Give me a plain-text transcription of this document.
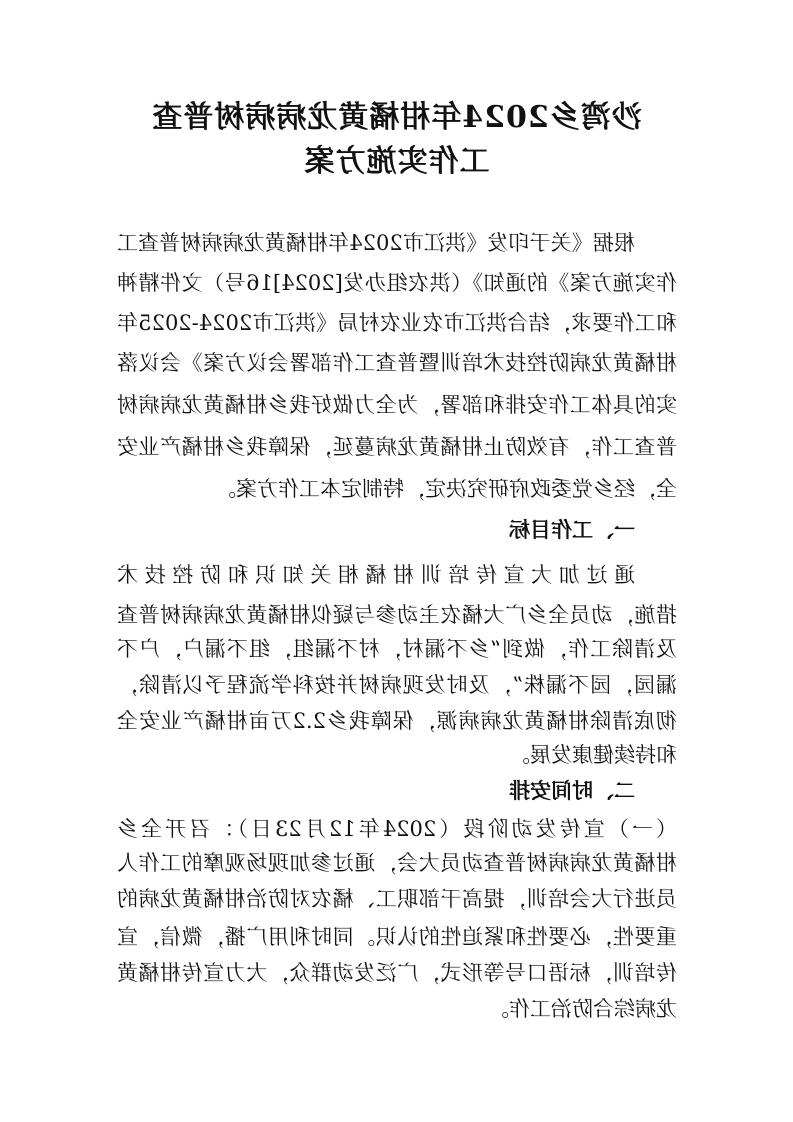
沙湾乡2024年柑橘黄龙病病树普查
工作实施方案
根据《关于印发《洪江市2024年柑橘黄龙病病树普查工
作实施方案》的通知》（洪农组办发[2024]16号）文件精神
和工作要求，结合洪江市农业农村局《洪江市2024-2025年
柑橘黄龙病防控技术培训暨普查工作部署会议方案》会议落
实的具体工作安排和部署，为全力做好我乡柑橘黄龙病病树
普查工作，有效防止柑橘黄龙病蔓延，保障我乡柑橘产业安
全，经乡党委政府研究决定，特制定本工作方案。
一、工作目标
通过加大宣传培训柑橘相关知识和防控技术
措施，动员全乡广大橘农主动参与疑似柑橘黄龙病病树普查
及清除工作，做到“乡不漏村，村不漏组，组不漏户，户不
漏园，园不漏株”，及时发现病树并按科学流程予以清除，
彻底清除柑橘黄龙病病源，保障我乡2.2万亩柑橘产业安全
和持续健康发展。
二、时间安排
（一）宣传发动阶段（2024年12月23日）：召开全乡
柑橘黄龙病病树普查动员大会，通过参加现场观摩的工作人
员进行大会培训，提高干部职工、橘农对防治柑橘黄龙病的
重要性，必要性和紧迫性的认识。同时利用广播，微信，宣
传培训，标语口号等形式，广泛发动群众，大力宣传柑橘黄
龙病综合防治工作。
